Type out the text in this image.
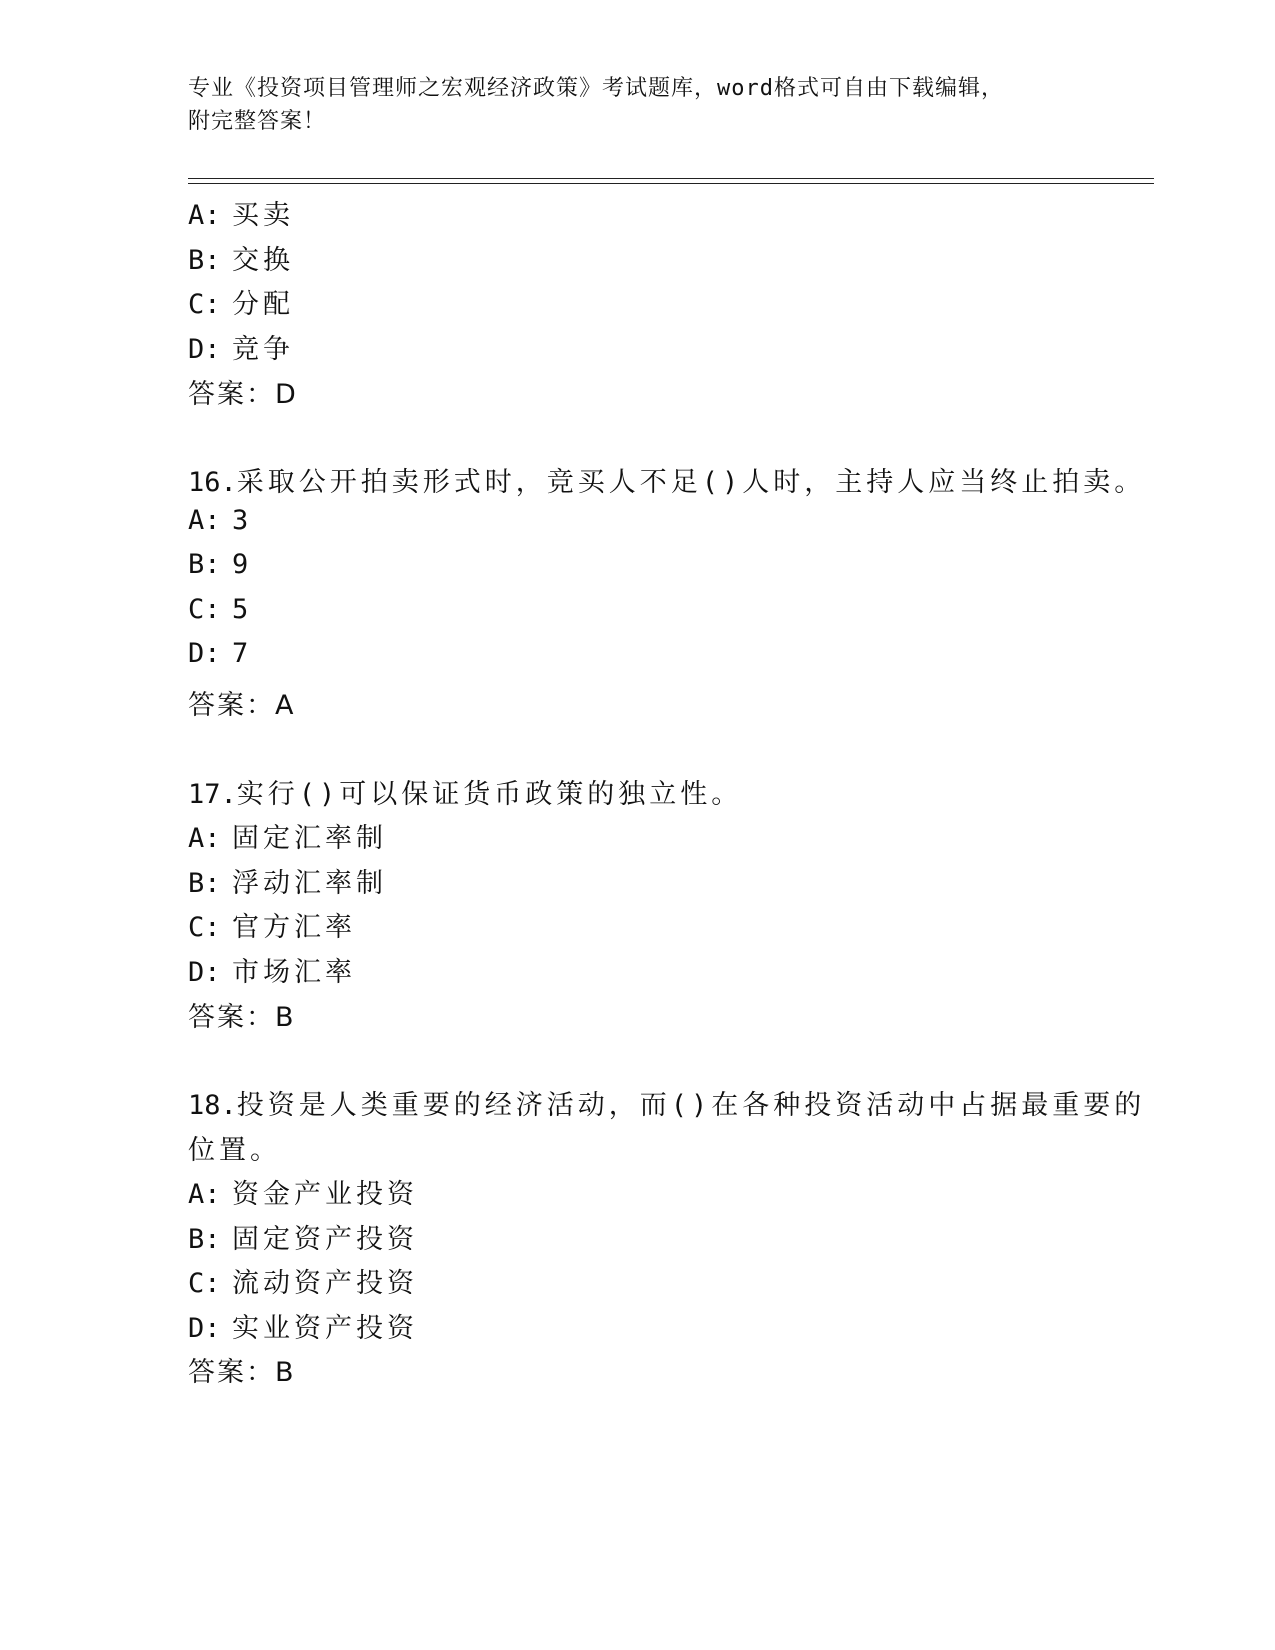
专业《投资项目管理师之宏观经济政策》考试题库，word格式可自由下载编辑，
附完整答案！
A: 买卖
B: 交换
C: 分配
D: 竞争
答案：D
16.采取公开拍卖形式时，竞买人不足()人时，主持人应当终止拍卖。
A: 3
B: 9
C: 5
D: 7
答案：A
17.实行()可以保证货币政策的独立性。
A: 固定汇率制
B: 浮动汇率制
C: 官方汇率
D: 市场汇率
答案：B
18.投资是人类重要的经济活动，而()在各种投资活动中占据最重要的
位置。
A: 资金产业投资
B: 固定资产投资
C: 流动资产投资
D: 实业资产投资
答案：B
